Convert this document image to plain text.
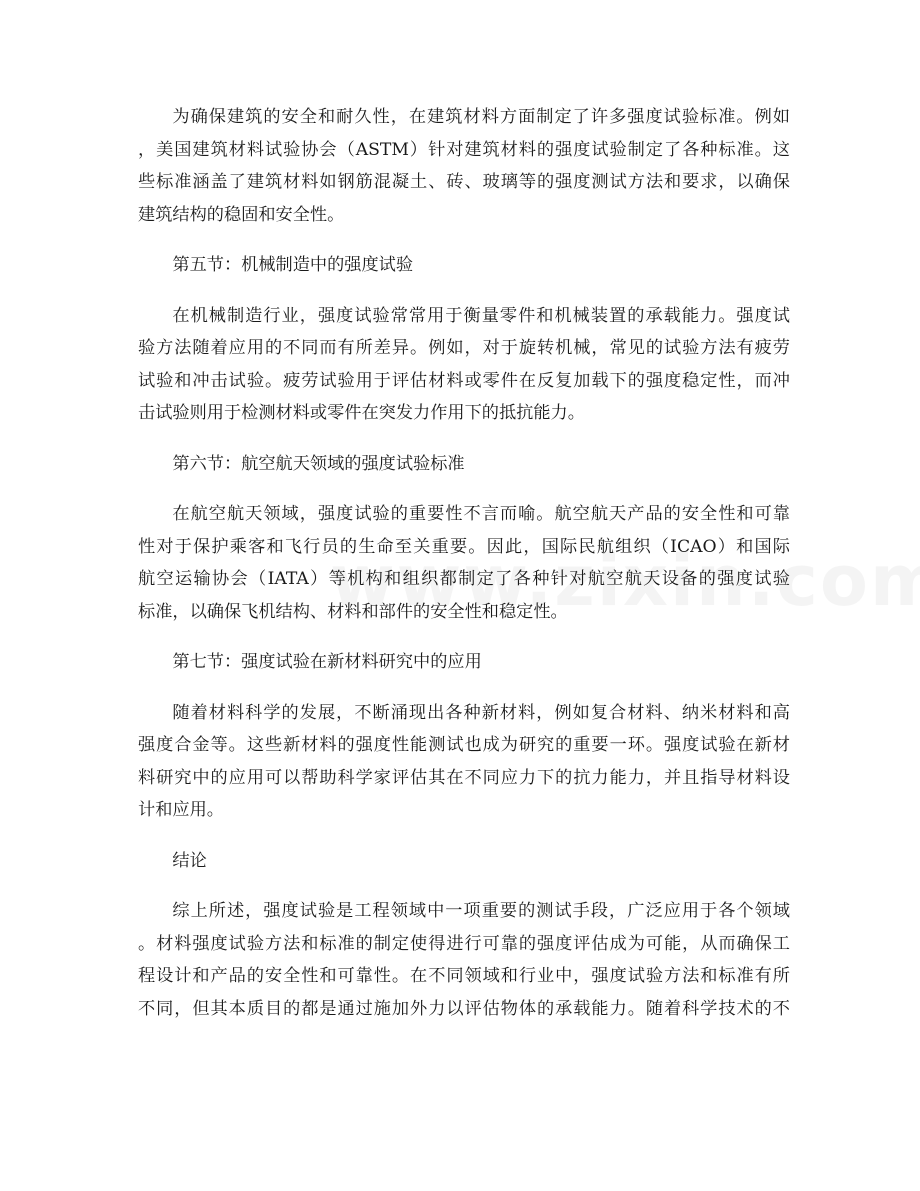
为确保建筑的安全和耐久性，在建筑材料方面制定了许多强度试验标准。例如
，美国建筑材料试验协会（ASTM）针对建筑材料的强度试验制定了各种标准。这
些标准涵盖了建筑材料如钢筋混凝土、砖、玻璃等的强度测试方法和要求，以确保
建筑结构的稳固和安全性。
第五节：机械制造中的强度试验
在机械制造行业，强度试验常常用于衡量零件和机械装置的承载能力。强度试
验方法随着应用的不同而有所差异。例如，对于旋转机械，常见的试验方法有疲劳
试验和冲击试验。疲劳试验用于评估材料或零件在反复加载下的强度稳定性，而冲
击试验则用于检测材料或零件在突发力作用下的抵抗能力。
第六节：航空航天领域的强度试验标准
在航空航天领域，强度试验的重要性不言而喻。航空航天产品的安全性和可靠
性对于保护乘客和飞行员的生命至关重要。因此，国际民航组织（ICAO）和国际
航空运输协会（IATA）等机构和组织都制定了各种针对航空航天设备的强度试验
标准，以确保飞机结构、材料和部件的安全性和稳定性。
第七节：强度试验在新材料研究中的应用
随着材料科学的发展，不断涌现出各种新材料，例如复合材料、纳米材料和高
强度合金等。这些新材料的强度性能测试也成为研究的重要一环。强度试验在新材
料研究中的应用可以帮助科学家评估其在不同应力下的抗力能力，并且指导材料设
计和应用。
结论
综上所述，强度试验是工程领域中一项重要的测试手段，广泛应用于各个领域
。材料强度试验方法和标准的制定使得进行可靠的强度评估成为可能，从而确保工
程设计和产品的安全性和可靠性。在不同领域和行业中，强度试验方法和标准有所
不同，但其本质目的都是通过施加外力以评估物体的承载能力。随着科学技术的不
